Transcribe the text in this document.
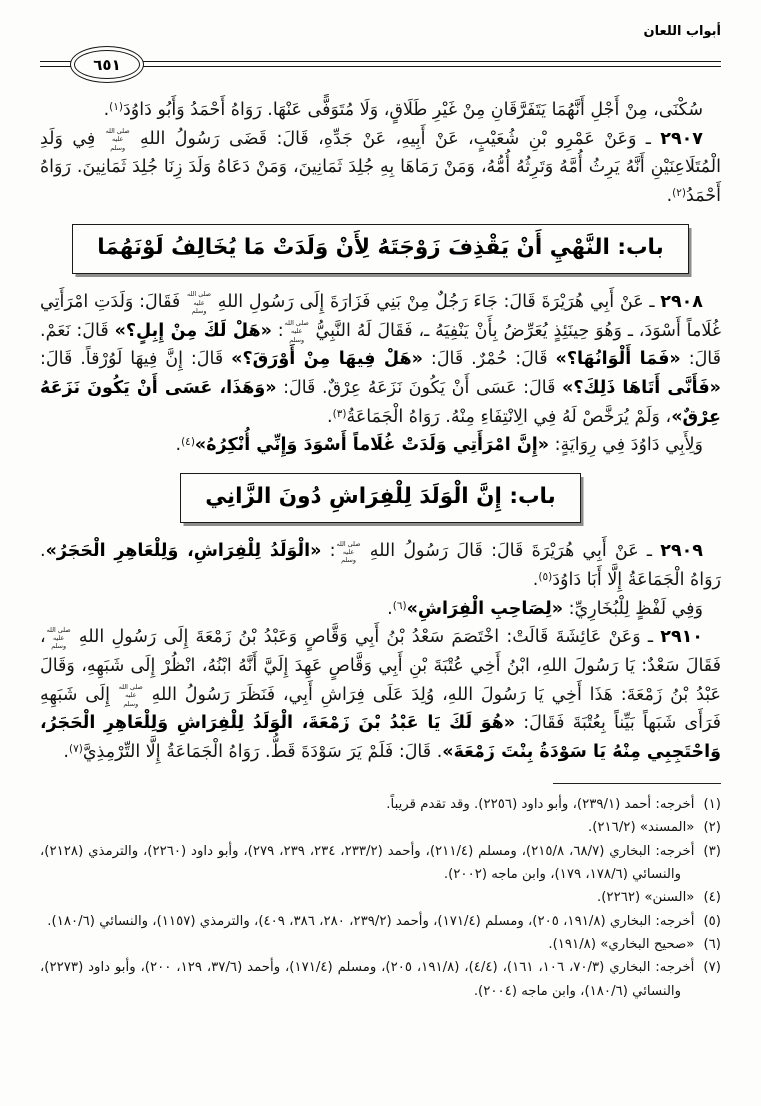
أبواب اللعان
٦٥١

سُكْنَى، مِنْ أَجْلِ أَنَّهُمَا يَتَفَرَّقَانِ مِنْ غَيْرِ طَلَاقٍ، وَلَا مُتَوَفًّى عَنْهَا. رَوَاهُ أَحْمَدُ وَأَبُو دَاوُدَ$^{(١)}$.

٢٩٠٧ ـ وَعَنْ عَمْرِو بْنِ شُعَيْبٍ، عَنْ أَبِيهِ، عَنْ جَدِّهِ، قَالَ: قَضَى رَسُولُ اللهِ صلى الله عليه وسلم فِي وَلَدِ الْمُتَلَاعِنَيْنِ أَنَّهُ يَرِثُ أُمَّهُ وَتَرِثُهُ أُمُّهُ، وَمَنْ رَمَاهَا بِهِ جُلِدَ ثَمَانِينَ، وَمَنْ دَعَاهُ وَلَدَ زِنَا جُلِدَ ثَمَانِينَ. رَوَاهُ أَحْمَدُ$^{(٢)}$.

باب: النَّهْيِ أَنْ يَقْذِفَ زَوْجَتَهُ لِأَنْ وَلَدَتْ مَا يُخَالِفُ لَوْنَهُمَا

٢٩٠٨ ـ عَنْ أَبِي هُرَيْرَةَ قَالَ: جَاءَ رَجُلٌ مِنْ بَنِي فَزَارَةَ إِلَى رَسُولِ اللهِ صلى الله عليه وسلم فَقَالَ: وَلَدَتِ امْرَأَتِي غُلَاماً أَسْوَدَ، ـ وَهُوَ حِينَئِذٍ يُعَرِّضُ بِأَنْ يَنْفِيَهُ ـ، فَقَالَ لَهُ النَّبِيُّ صلى الله عليه وسلم: «هَلْ لَكَ مِنْ إِبِلٍ؟» قَالَ: نَعَمْ. قَالَ: «فَمَا أَلْوَانُهَا؟» قَالَ: حُمْرٌ. قَالَ: «هَلْ فِيهَا مِنْ أَوْرَقَ؟» قَالَ: إِنَّ فِيهَا لَوُرْقاً. قَالَ: «فَأَنَّى أَتَاهَا ذَلِكَ؟» قَالَ: عَسَى أَنْ يَكُونَ نَزَعَهُ عِرْقٌ. قَالَ: «وَهَذَا، عَسَى أَنْ يَكُونَ نَزَعَهُ عِرْقٌ»، وَلَمْ يُرَخَّصْ لَهُ فِي الِانْتِفَاءِ مِنْهُ. رَوَاهُ الْجَمَاعَةُ$^{(٣)}$.

وَلِأَبِي دَاوُدَ فِي رِوَايَةٍ: «إِنَّ امْرَأَتِي وَلَدَتْ غُلَاماً أَسْوَدَ وَإِنِّي أُنْكِرُهُ»$^{(٤)}$.

باب: إِنَّ الْوَلَدَ لِلْفِرَاشِ دُونَ الزَّانِي

٢٩٠٩ ـ عَنْ أَبِي هُرَيْرَةَ قَالَ: قَالَ رَسُولُ اللهِ صلى الله عليه وسلم: «الْوَلَدُ لِلْفِرَاشِ، وَلِلْعَاهِرِ الْحَجَرُ». رَوَاهُ الْجَمَاعَةُ إِلَّا أَبَا دَاوُدَ$^{(٥)}$.

وَفِي لَفْظٍ لِلْبُخَارِيِّ: «لِصَاحِبِ الْفِرَاشِ»$^{(٦)}$.

٢٩١٠ ـ وَعَنْ عَائِشَةَ قَالَتْ: اخْتَصَمَ سَعْدُ بْنُ أَبِي وَقَّاصٍ وَعَبْدُ بْنُ زَمْعَةَ إِلَى رَسُولِ اللهِ صلى الله عليه وسلم، فَقَالَ سَعْدٌ: يَا رَسُولَ اللهِ، ابْنُ أَخِي عُتْبَةَ بْنِ أَبِي وَقَّاصٍ عَهِدَ إِلَيَّ أَنَّهُ ابْنُهُ، انْظُرْ إِلَى شَبَهِهِ، وَقَالَ عَبْدُ بْنُ زَمْعَةَ: هَذَا أَخِي يَا رَسُولَ اللهِ، وُلِدَ عَلَى فِرَاشِ أَبِي، فَنَظَرَ رَسُولُ اللهِ صلى الله عليه وسلم إِلَى شَبَهِهِ فَرَأَى شَبَهاً بَيِّناً بِعُتْبَةَ فَقَالَ: «هُوَ لَكَ يَا عَبْدُ بْنَ زَمْعَةَ، الْوَلَدُ لِلْفِرَاشِ وَلِلْعَاهِرِ الْحَجَرُ، وَاحْتَجِبِي مِنْهُ يَا سَوْدَةُ بِنْتَ زَمْعَةَ». قَالَ: فَلَمْ يَرَ سَوْدَةَ قَطُّ. رَوَاهُ الْجَمَاعَةُ إِلَّا التِّرْمِذِيَّ$^{(٧)}$.

(١)أخرجه: أحمد (٢٣٩/١)، وأبو داود (٢٢٥٦). وقد تقدم قريباً.

(٢)«المسند» (٢١٦/٢).

(٣)أخرجه: البخاري (٦٨/٧، ٢١٥/٨)، ومسلم (٢١١/٤)، وأحمد (٢٣٣/٢، ٢٣٤، ٢٣٩، ٢٧٩)، وأبو داود (٢٢٦٠)، والترمذي (٢١٢٨)، والنسائي (١٧٨/٦، ١٧٩)، وابن ماجه (٢٠٠٢).

(٤)«السنن» (٢٢٦٢).

(٥)أخرجه: البخاري (١٩١/٨، ٢٠٥)، ومسلم (١٧١/٤)، وأحمد (٢٣٩/٢، ٢٨٠، ٣٨٦، ٤٠٩)، والترمذي (١١٥٧)، والنسائي (١٨٠/٦).

(٦)«صحيح البخاري» (١٩١/٨).

(٧)أخرجه: البخاري (٧٠/٣، ١٠٦، ١٦١)، (٤/٤)، (١٩١/٨، ٢٠٥)، ومسلم (١٧١/٤)، وأحمد (٣٧/٦، ١٢٩، ٢٠٠)، وأبو داود (٢٢٧٣)، والنسائي (١٨٠/٦)، وابن ماجه (٢٠٠٤).
